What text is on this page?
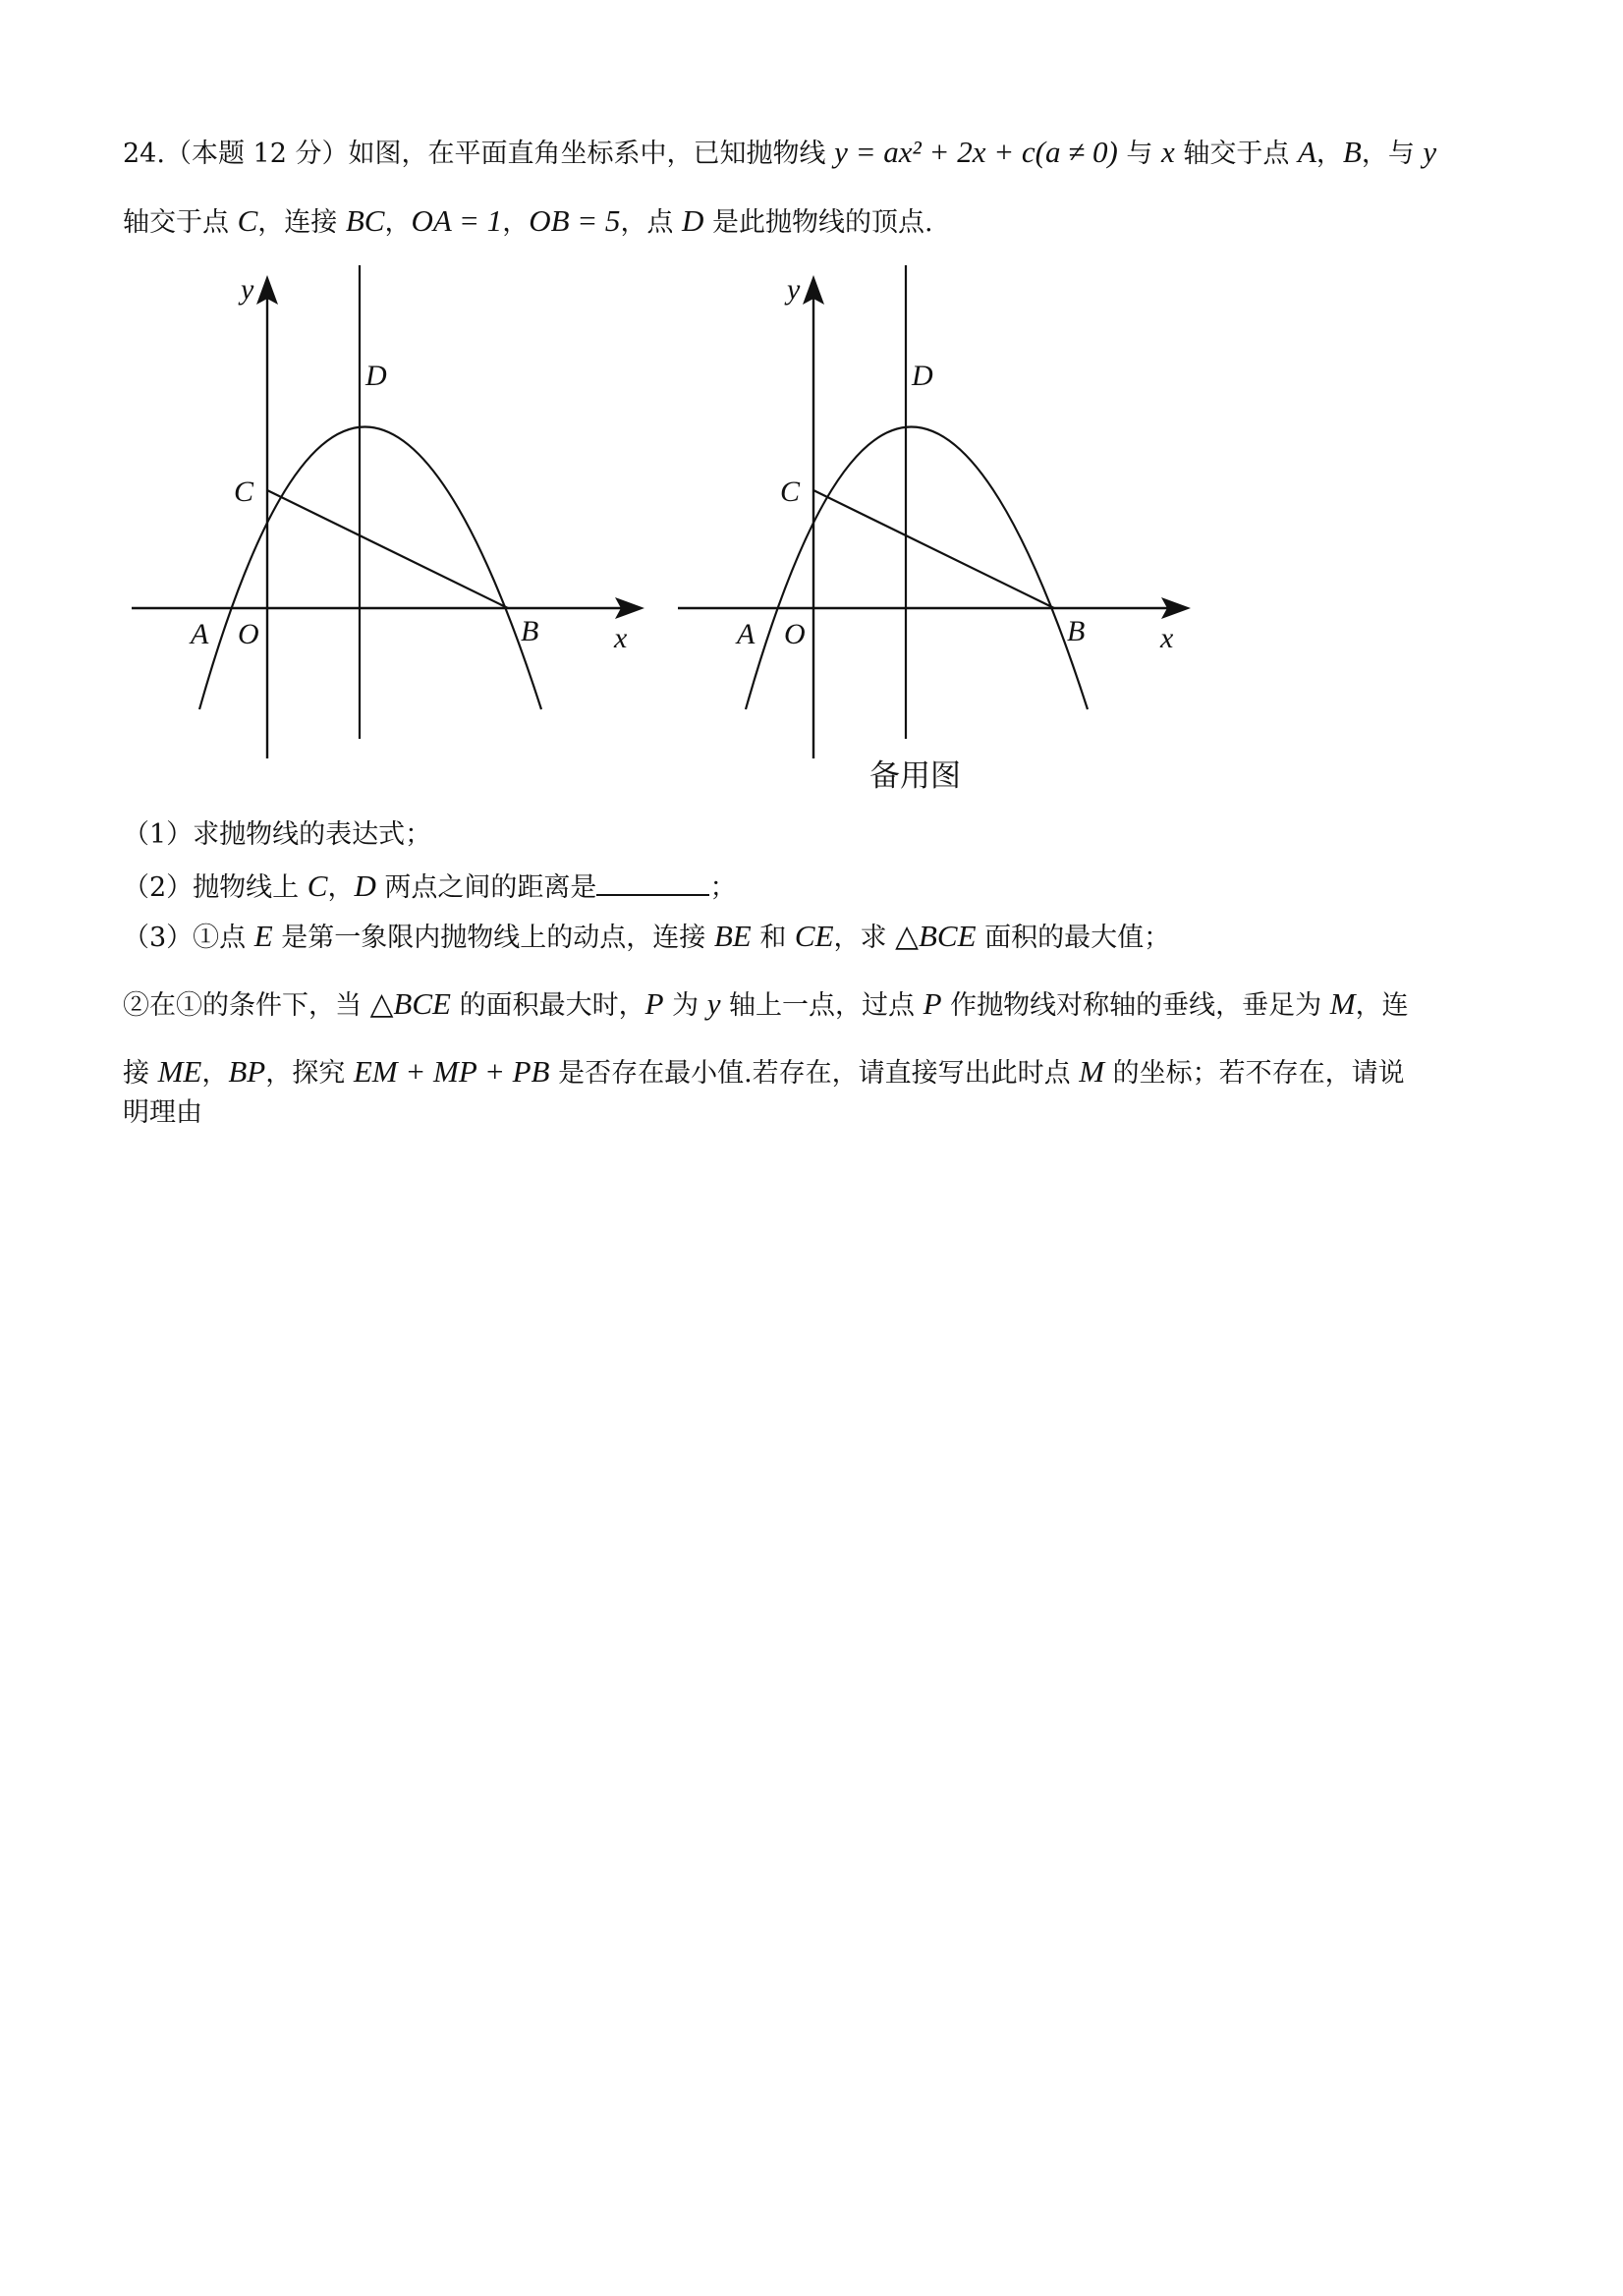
24.（本题 12 分）如图，在平面直角坐标系中，已知抛物线 y = ax² + 2x + c(a ≠ 0) 与 x 轴交于点 A，B，与 y
轴交于点 C，连接 BC，OA = 1，OB = 5，点 D 是此抛物线的顶点.
y
D
C
A O	B	x
y
D
C
A O	B	x
备用图
（1）求抛物线的表达式；
（2）抛物线上 C，D 两点之间的距离是	；
（3）①点 E 是第一象限内抛物线上的动点，连接 BE 和 CE，求 △BCE 面积的最大值；
②在①的条件下，当 △BCE 的面积最大时，P 为 y 轴上一点，过点 P 作抛物线对称轴的垂线，垂足为 M，连
接 ME，BP，探究 EM + MP + PB 是否存在最小值.若存在，请直接写出此时点 M 的坐标；若不存在，请说
明理由
